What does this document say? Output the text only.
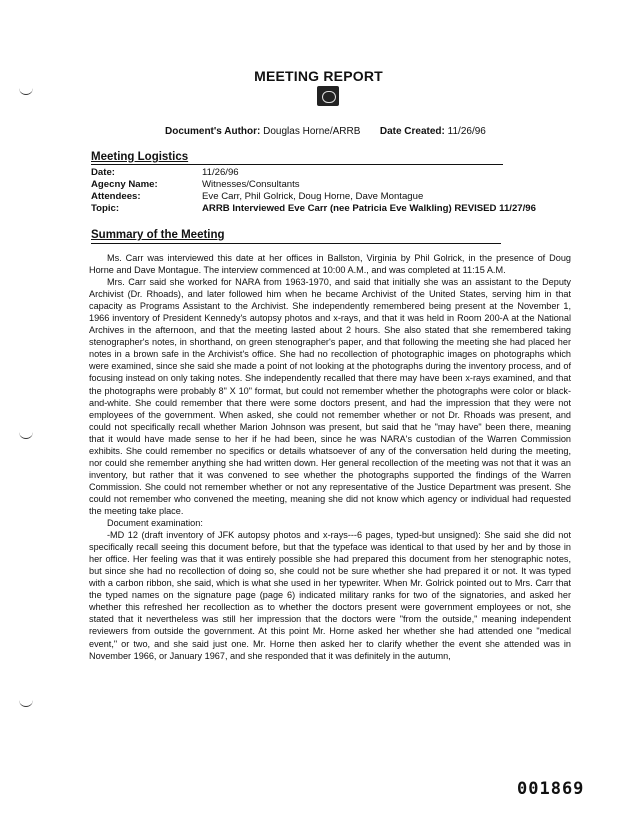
MEETING REPORT
Document's Author: Douglas Horne/ARRB Date Created: 11/26/96
Meeting Logistics
Date:	11/26/96
Agecny Name:	Witnesses/Consultants
Attendees:	Eve Carr, Phil Golrick, Doug Horne, Dave Montague
Topic:	ARRB Interviewed Eve Carr (nee Patricia Eve Walkling) REVISED 11/27/96
Summary of the Meeting

Ms. Carr was interviewed this date at her offices in Ballston, Virginia by Phil Golrick, in the presence of Doug Horne and Dave Montague. The interview commenced at 10:00 A.M., and was completed at 11:15 A.M.

Mrs. Carr said she worked for NARA from 1963-1970, and said that initially she was an assistant to the Deputy Archivist (Dr. Rhoads), and later followed him when he became Archivist of the United States, serving him in that capacity as Programs Assistant to the Archivist. She independently remembered being present at the November 1, 1966 inventory of President Kennedy's autopsy photos and x-rays, and that it was held in Room 200-A at the National Archives in the afternoon, and that the meeting lasted about 2 hours. She also stated that she remembered taking stenographer's notes, in shorthand, on green stenographer's paper, and that following the meeting she had placed her notes in a brown safe in the Archivist's office. She had no recollection of photographic images on photographs which were examined, since she said she made a point of not looking at the photographs during the inventory process, and of focusing instead on only taking notes. She independently recalled that there may have been x-rays examined, and that the photographs were probably 8" X 10" format, but could not remember whether the photographs were color or black-and-white. She could remember that there were some doctors present, and had the impression that they were not employees of the government. When asked, she could not remember whether or not Dr. Rhoads was present, and could not specifically recall whether Marion Johnson was present, but said that he "may have" been there, meaning that it would have made sense to her if he had been, since he was NARA's custodian of the Warren Commission exhibits. She could remember no specifics or details whatsoever of any of the conversation held during the meeting, nor could she remember anything she had written down. Her general recollection of the meeting was not that it was an inventory, but rather that it was convened to see whether the photographs supported the findings of the Warren Commission. She could not remember whether or not any representative of the Justice Department was present. She could not remember who convened the meeting, meaning she did not know which agency or individual had requested the meeting take place.

Document examination:

-MD 12 (draft inventory of JFK autopsy photos and x-rays---6 pages, typed-but unsigned): She said she did not specifically recall seeing this document before, but that the typeface was identical to that used by her and by those in her office. Her feeling was that it was entirely possible she had prepared this document from her stenographic notes, but since she had no recollection of doing so, she could not be sure whether she had prepared it or not. It was typed with a carbon ribbon, she said, which is what she used in her typewriter. When Mr. Golrick pointed out to Mrs. Carr that the typed names on the signature page (page 6) indicated military ranks for two of the signatories, and asked her whether this refreshed her recollection as to whether the doctors present were government employees or not, she stated that it nevertheless was still her impression that the doctors were "from the outside," meaning independent reviewers from outside the government. At this point Mr. Horne asked her whether she had attended one "medical event," or two, and she said just one. Mr. Horne then asked her to clarify whether the event she attended was in November 1966, or January 1967, and she responded that it was definitely in the autumn,

001869
